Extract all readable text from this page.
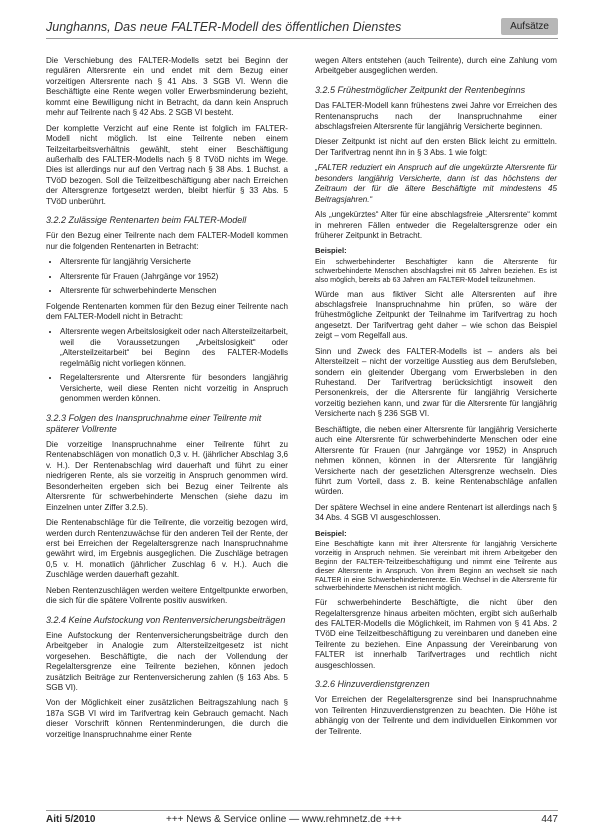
Junghanns, Das neue FALTER-Modell des öffentlichen Dienstes	Aufsätze

Die Verschiebung des FALTER-Modells setzt bei Beginn der regulären Altersrente ein und endet mit dem Bezug einer vorzeitigen Altersrente nach § 41 Abs. 3 SGB VI. Wenn die Beschäftigte eine Rente wegen voller Erwerbsminderung bezieht, kommt eine Bewilligung nicht in Betracht, da dann kein Anspruch mehr auf Teilrente nach § 42 Abs. 2 SGB VI besteht.

Der komplette Verzicht auf eine Rente ist folglich im FALTER-Modell nicht möglich. Ist eine Teilrente neben einem Teilzeitarbeitsverhältnis gewählt, steht einer Beschäftigung außerhalb des FALTER-Modells nach § 8 TVöD nichts im Wege. Dies ist allerdings nur auf den Vertrag nach § 38 Abs. 1 Buchst. a TVöD bezogen. Soll die Teilzeitbeschäftigung aber nach Erreichen der Altersgrenze fortgesetzt werden, bleibt hierfür § 33 Abs. 5 TVöD unberührt.

3.2.2 Zulässige Rentenarten beim FALTER-Modell

Für den Bezug einer Teilrente nach dem FALTER-Modell kommen nur die folgenden Rentenarten in Betracht:

• Altersrente für langjährig Versicherte
• Altersrente für Frauen (Jahrgänge vor 1952)
• Altersrente für schwerbehinderte Menschen

Folgende Rentenarten kommen für den Bezug einer Teilrente nach dem FALTER-Modell nicht in Betracht:

• Altersrente wegen Arbeitslosigkeit oder nach Altersteilzeitarbeit, weil die Voraussetzungen „Arbeitslosigkeit“ oder „Altersteilzeitarbeit“ bei Beginn des FALTER-Modells regelmäßig nicht vorliegen können.
• Regelaltersrente und Altersrente für besonders langjährig Versicherte, weil diese Renten nicht vorzeitig in Anspruch genommen werden können.
3.2.3 Folgen des Inanspruchnahme einer Teilrente mit späterer Vollrente

Die vorzeitige Inanspruchnahme einer Teilrente führt zu Rentenabschlägen von monatlich 0,3 v. H. (jährlicher Abschlag 3,6 v. H.). Der Rentenabschlag wird dauerhaft und führt zu einer niedrigeren Rente, als sie vorzeitig in Anspruch genommen wird. Besonderheiten ergeben sich bei Bezug einer Teilrente als Altersrente für schwerbehinderte Menschen (siehe dazu im Einzelnen unter Ziffer 3.2.5).

Die Rentenabschläge für die Teilrente, die vorzeitig bezogen wird, werden durch Rentenzuwächse für den anderen Teil der Rente, der erst bei Erreichen der Regelaltersgrenze nach Inanspruchnahme gewährt wird, im Ergebnis ausgeglichen. Die Zuschläge betragen 0,5 v. H. monatlich (jährlicher Zuschlag 6 v. H.). Auch die Zuschläge werden dauerhaft gezahlt.

Neben Rentenzuschlägen werden weitere Entgeltpunkte erworben, die sich für die spätere Vollrente positiv auswirken.

3.2.4 Keine Aufstockung von Rentenversicherungsbeiträgen

Eine Aufstockung der Rentenversicherungsbeiträge durch den Arbeitgeber in Analogie zum Altersteilzeitgesetz ist nicht vorgesehen. Beschäftigte, die nach der Vollendung der Regelaltersgrenze eine Teilrente beziehen, können jedoch zusätzlich Beiträge zur Rentenversicherung zahlen (§ 163 Abs. 5 SGB VI).

Von der Möglichkeit einer zusätzlichen Beitragszahlung nach § 187a SGB VI wird im Tarifvertrag kein Gebrauch gemacht. Nach dieser Vorschrift können Rentenminderungen, die durch die vorzeitige Inanspruchnahme einer Rente

wegen Alters entstehen (auch Teilrente), durch eine Zahlung vom Arbeitgeber ausgeglichen werden.

3.2.5 Frühestmöglicher Zeitpunkt der Rentenbeginns

Das FALTER-Modell kann frühestens zwei Jahre vor Erreichen des Rentenanspruchs nach der Inanspruchnahme einer abschlagsfreien Altersrente für langjährig Versicherte beginnen.

Dieser Zeitpunkt ist nicht auf den ersten Blick leicht zu ermitteln. Der Tarifvertrag nennt ihn in § 3 Abs. 1 wie folgt:

„FALTER reduziert ein Anspruch auf die ungekürzte Altersrente für besonders langjährig Versicherte, dann ist das höchstens der Zeitraum der für die ältere Beschäftigte mit mindestens 45 Beitragsjahren.“

Als „ungekürztes“ Alter für eine abschlagsfreie „Altersrente“ kommt in mehreren Fällen entweder die Regelaltersgrenze oder ein früherer Zeitpunkt in Betracht.

Beispiel:

Ein schwerbehinderter Beschäftigter kann die Altersrente für schwerbehinderte Menschen abschlagsfrei mit 65 Jahren beziehen. Es ist also möglich, bereits ab 63 Jahren am FALTER-Modell teilzunehmen.

Würde man aus fiktiver Sicht alle Altersrenten auf ihre abschlagsfreie Inanspruchnahme hin prüfen, so wäre der frühestmögliche Zeitpunkt der Teilnahme im Tarifvertrag zu hoch angesetzt. Der Tarifvertrag geht daher – wie schon das Beispiel zeigt – vom Regelfall aus.

Sinn und Zweck des FALTER-Modells ist – anders als bei Altersteilzeit – nicht der vorzeitige Ausstieg aus dem Berufsleben, sondern ein gleitender Übergang vom Erwerbsleben in den Ruhestand. Der Tarifvertrag berücksichtigt insoweit den Personenkreis, der die Altersrente für langjährig Versicherte vorzeitig beziehen kann, und zwar für die Altersrente für langjährig Versicherte nach § 236 SGB VI.

Beschäftigte, die neben einer Altersrente für langjährig Versicherte auch eine Altersrente für schwerbehinderte Menschen oder eine Altersrente für Frauen (nur Jahrgänge vor 1952) in Anspruch nehmen können, können in der Altersrente für langjährig Versicherte nach der gesetzlichen Altersgrenze wechseln. Dies führt zum Vorteil, dass z. B. keine Rentenabschläge anfallen würden.

Der spätere Wechsel in eine andere Rentenart ist allerdings nach § 34 Abs. 4 SGB VI ausgeschlossen.

Beispiel:

Eine Beschäftigte kann mit ihrer Altersrente für langjährig Versicherte vorzeitig in Anspruch nehmen. Sie vereinbart mit ihrem Arbeitgeber den Beginn der FALTER-Teilzeitbeschäftigung und nimmt eine Teilrente aus dieser Altersrente in Anspruch. Von ihrem Beginn an wechselt sie nach FALTER in eine Schwerbehindertenrente. Ein Wechsel in die Altersrente für schwerbehinderte Menschen ist nicht möglich.

Für schwerbehinderte Beschäftigte, die nicht über den Regelaltersgrenze hinaus arbeiten möchten, ergibt sich außerhalb des FALTER-Modells die Möglichkeit, im Rahmen von § 41 Abs. 2 TVöD eine Teilzeitbeschäftigung zu vereinbaren und daneben eine Teilrente zu beziehen. Eine Anpassung der Vereinbarung von FALTER ist innerhalb Tarifvertrages und rechtlich nicht ausgeschlossen.

3.2.6 Hinzuverdienstgrenzen

Vor Erreichen der Regelaltersgrenze sind bei Inanspruchnahme von Teilrenten Hinzuverdienstgrenzen zu beachten. Die Höhe ist abhängig von der Teilrente und dem individuellen Einkommen vor der Teilrente.

Aiti 5/2010	+++ News & Service online — www.rehmnetz.de +++	447
